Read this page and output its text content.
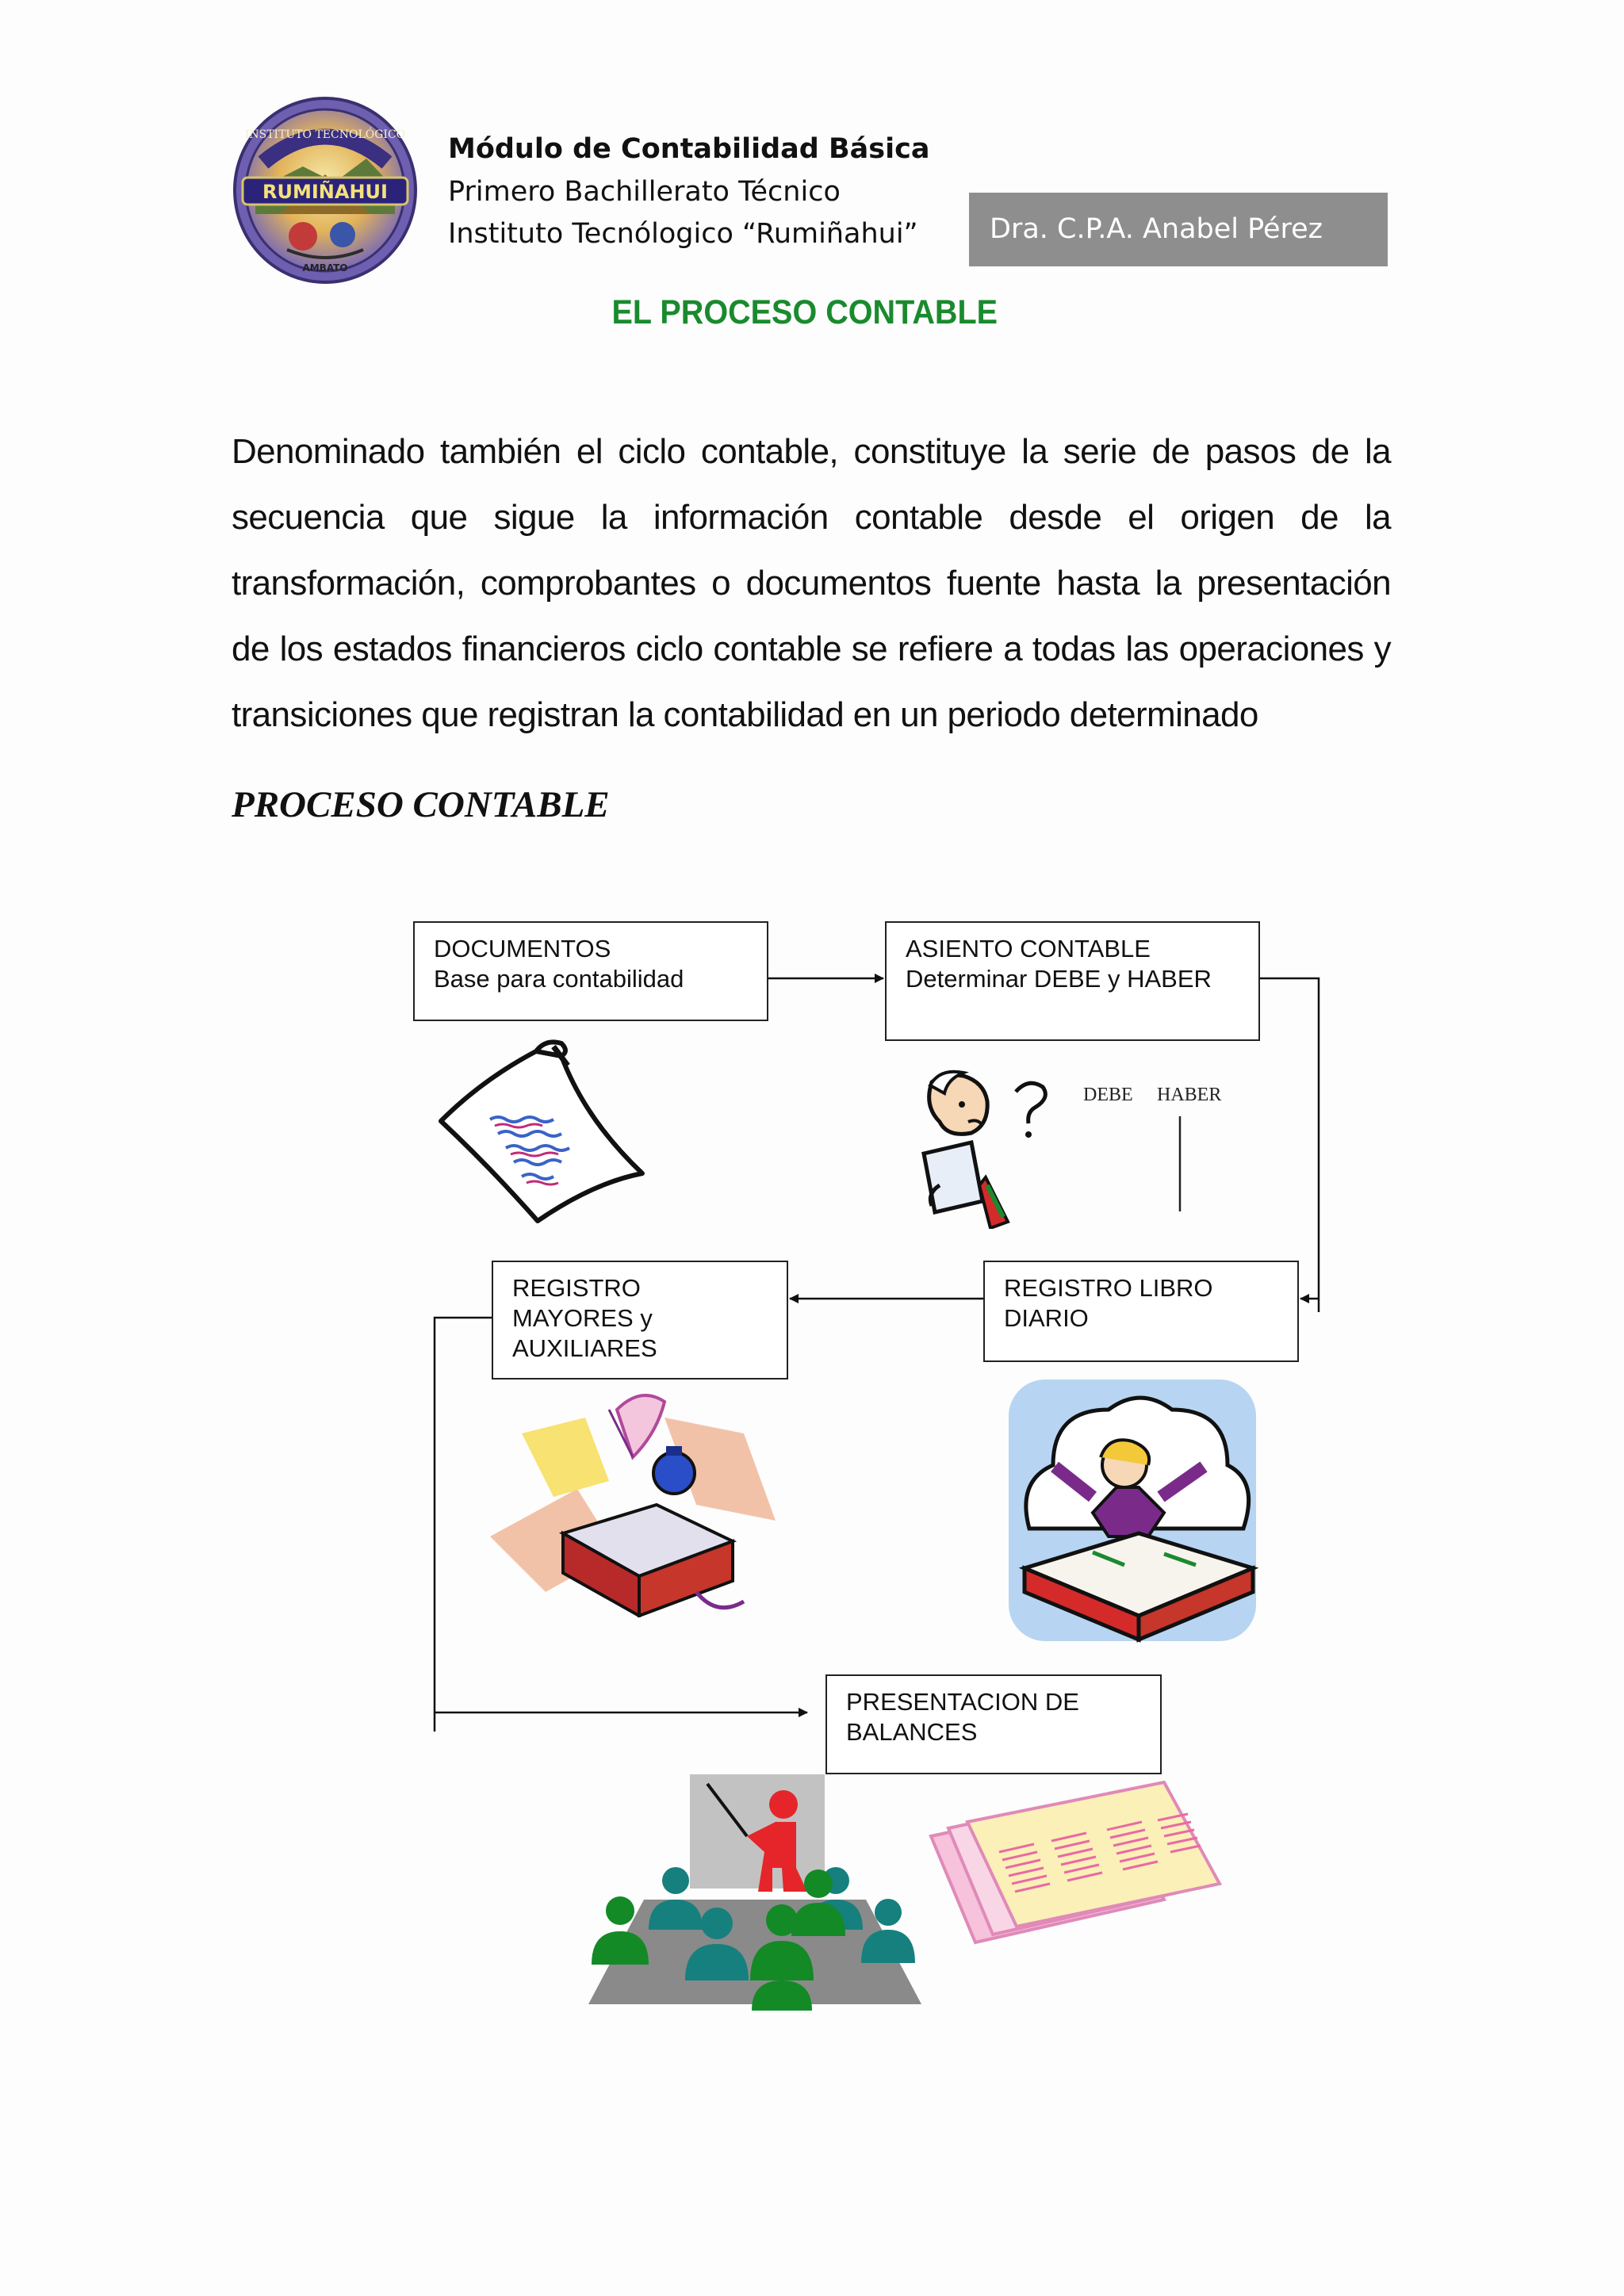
INSTITUTO TECNOLÓGICO
RUMIÑAHUI
AMBATO
Módulo de Contabilidad Básica
Primero Bachillerato Técnico
Instituto Tecnólogico “Rumiñahui”	Dra. C.P.A. Anabel Pérez
EL PROCESO CONTABLE
Denominado también el ciclo contable, constituye la serie de pasos de la secuencia que sigue la información contable desde el origen de la transformación, comprobantes o documentos fuente hasta la presentación de los estados financieros ciclo contable se refiere a todas las operaciones y transiciones que registran la contabilidad en un periodo determinado
PROCESO CONTABLE
DOCUMENTOS
Base para contabilidad
ASIENTO CONTABLE
Determinar DEBE y HABER
REGISTRO LIBRO
DIARIO
REGISTRO
MAYORES y
AUXILIARES
PRESENTACION DE
BALANCES
DEBE HABER
